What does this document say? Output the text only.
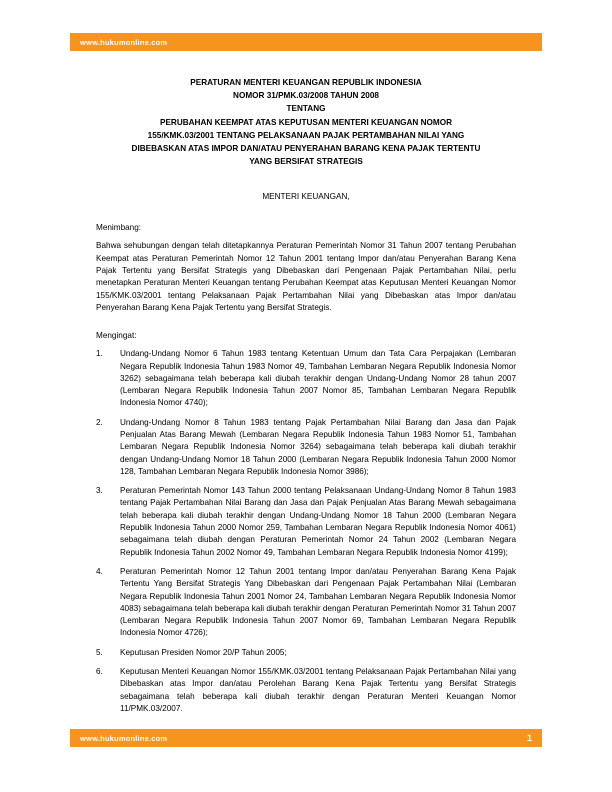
www.hukumonline.com
PERATURAN MENTERI KEUANGAN REPUBLIK INDONESIA
NOMOR 31/PMK.03/2008 TAHUN 2008
TENTANG
PERUBAHAN KEEMPAT ATAS KEPUTUSAN MENTERI KEUANGAN NOMOR
155/KMK.03/2001 TENTANG PELAKSANAAN PAJAK PERTAMBAHAN NILAI YANG
DIBEBASKAN ATAS IMPOR DAN/ATAU PENYERAHAN BARANG KENA PAJAK TERTENTU
YANG BERSIFAT STRATEGIS
MENTERI KEUANGAN,
Menimbang:
Bahwa sehubungan dengan telah ditetapkannya Peraturan Pemerintah Nomor 31 Tahun 2007 tentang Perubahan Keempat atas Peraturan Pemerintah Nomor 12 Tahun 2001 tentang Impor dan/atau Penyerahan Barang Kena Pajak Tertentu yang Bersifat Strategis yang Dibebaskan dari Pengenaan Pajak Pertambahan Nilai, perlu menetapkan Peraturan Menteri Keuangan tentang Perubahan Keempat atas Keputusan Menteri Keuangan Nomor 155/KMK.03/2001 tentang Pelaksanaan Pajak Pertambahan Nilai yang Dibebaskan atas Impor dan/atau Penyerahan Barang Kena Pajak Tertentu yang Bersifat Strategis.
Mengingat:
1.	Undang-Undang Nomor 6 Tahun 1983 tentang Ketentuan Umum dan Tata Cara Perpajakan (Lembaran Negara Republik Indonesia Tahun 1983 Nomor 49, Tambahan Lembaran Negara Republik Indonesia Nomor 3262) sebagaimana telah beberapa kali diubah terakhir dengan Undang-Undang Nomor 28 tahun 2007 (Lembaran Negara Republik Indonesia Tahun 2007 Nomor 85, Tambahan Lembaran Negara Republik Indonesia Nomor 4740);
2.	Undang-Undang Nomor 8 Tahun 1983 tentang Pajak Pertambahan Nilai Barang dan Jasa dan Pajak Penjualan Atas Barang Mewah (Lembaran Negara Republik Indonesia Tahun 1983 Nomor 51, Tambahan Lembaran Negara Republik Indonesia Nomor 3264) sebagaimana telah beberapa kali diubah terakhir dengan Undang-Undang Nomor 18 Tahun 2000 (Lembaran Negara Republik Indonesia Tahun 2000 Nomor 128, Tambahan Lembaran Negara Republik Indonesia Nomor 3986);
3.	Peraturan Pemerintah Nomor 143 Tahun 2000 tentang Pelaksanaan Undang-Undang Nomor 8 Tahun 1983 tentang Pajak Pertambahan Nilai Barang dan Jasa dan Pajak Penjualan Atas Barang Mewah sebagaimana telah beberapa kali diubah terakhir dengan Undang-Undang Nomor 18 Tahun 2000 (Lembaran Negara Republik Indonesia Tahun 2000 Nomor 259, Tambahan Lembaran Negara Republik Indonesia Nomor 4061) sebagaimana telah diubah dengan Peraturan Pemerintah Nomor 24 Tahun 2002 (Lembaran Negara Republik Indonesia Tahun 2002 Nomor 49, Tambahan Lembaran Negara Republik Indonesia Nomor 4199);
4.	Peraturan Pemerintah Nomor 12 Tahun 2001 tentang Impor dan/atau Penyerahan Barang Kena Pajak Tertentu Yang Bersifat Strategis Yang Dibebaskan dari Pengenaan Pajak Pertambahan Nilai (Lembaran Negara Republik Indonesia Tahun 2001 Nomor 24, Tambahan Lembaran Negara Republik Indonesia Nomor 4083) sebagaimana telah beberapa kali diubah terakhir dengan Peraturan Pemerintah Nomor 31 Tahun 2007 (Lembaran Negara Republik Indonesia Tahun 2007 Nomor 69, Tambahan Lembaran Negara Republik Indonesia Nomor 4726);
5.	Keputusan Presiden Nomor 20/P Tahun 2005;
6.	Keputusan Menteri Keuangan Nomor 155/KMK.03/2001 tentang Pelaksanaan Pajak Pertambahan Nilai yang Dibebaskan atas Impor dan/atau Perolehan Barang Kena Pajak Tertentu yang Bersifat Strategis sebagaimana telah beberapa kali diubah terakhir dengan Peraturan Menteri Keuangan Nomor 11/PMK.03/2007.
www.hukumonline.com	1
